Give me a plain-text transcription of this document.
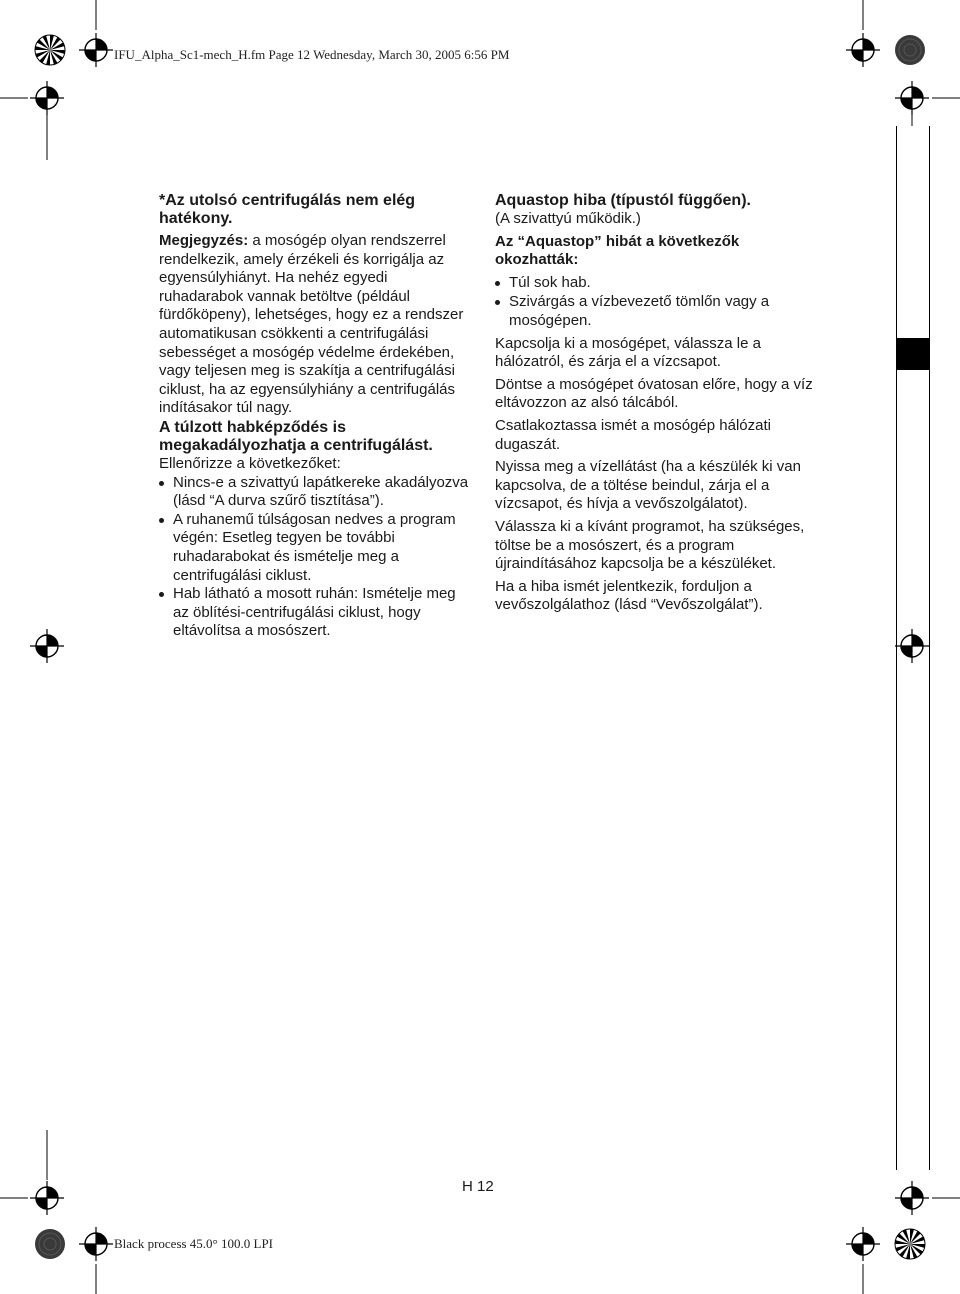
IFU_Alpha_Sc1-mech_H.fm Page 12 Wednesday, March 30, 2005 6:56 PM
Black process 45.0° 100.0 LPI

*Az utolsó centrifugálás nem elég hatékony.

Megjegyzés: a mosógép olyan rendszerrel rendelkezik, amely érzékeli és korrigálja az egyensúlyhiányt. Ha nehéz egyedi ruhadarabok vannak betöltve (például fürdőköpeny), lehetséges, hogy ez a rendszer automatikusan csökkenti a centrifugálási sebességet a mosógép védelme érdekében, vagy teljesen meg is szakítja a centrifugálási ciklust, ha az egyensúlyhiány a centrifugálás indításakor túl nagy.

A túlzott habképződés is megakadályozhatja a centrifugálást.

Ellenőrizze a következőket:

Nincs-e a szivattyú lapátkereke akadályozva (lásd “A durva szűrő tisztítása”).
A ruhanemű túlságosan nedves a program végén: Esetleg tegyen be további ruhadarabokat és ismételje meg a centrifugálási ciklust.
Hab látható a mosott ruhán: Ismételje meg az öblítési-centrifugálási ciklust, hogy eltávolítsa a mosószert.

Aquastop hiba (típustól függően).

(A szivattyú működik.)

Az “Aquastop” hibát a következők okozhatták:

Túl sok hab.
Szivárgás a vízbevezető tömlőn vagy a mosógépen.

Kapcsolja ki a mosógépet, válassza le a hálózatról, és zárja el a vízcsapot.

Döntse a mosógépet óvatosan előre, hogy a víz eltávozzon az alsó tálcából.

Csatlakoztassa ismét a mosógép hálózati dugaszát.

Nyissa meg a vízellátást (ha a készülék ki van kapcsolva, de a töltése beindul, zárja el a vízcsapot, és hívja a vevőszolgálatot).

Válassza ki a kívánt programot, ha szükséges, töltse be a mosószert, és a program újraindításához kapcsolja be a készüléket.

Ha a hiba ismét jelentkezik, forduljon a vevőszolgálathoz (lásd “Vevőszolgálat”).

H 12
